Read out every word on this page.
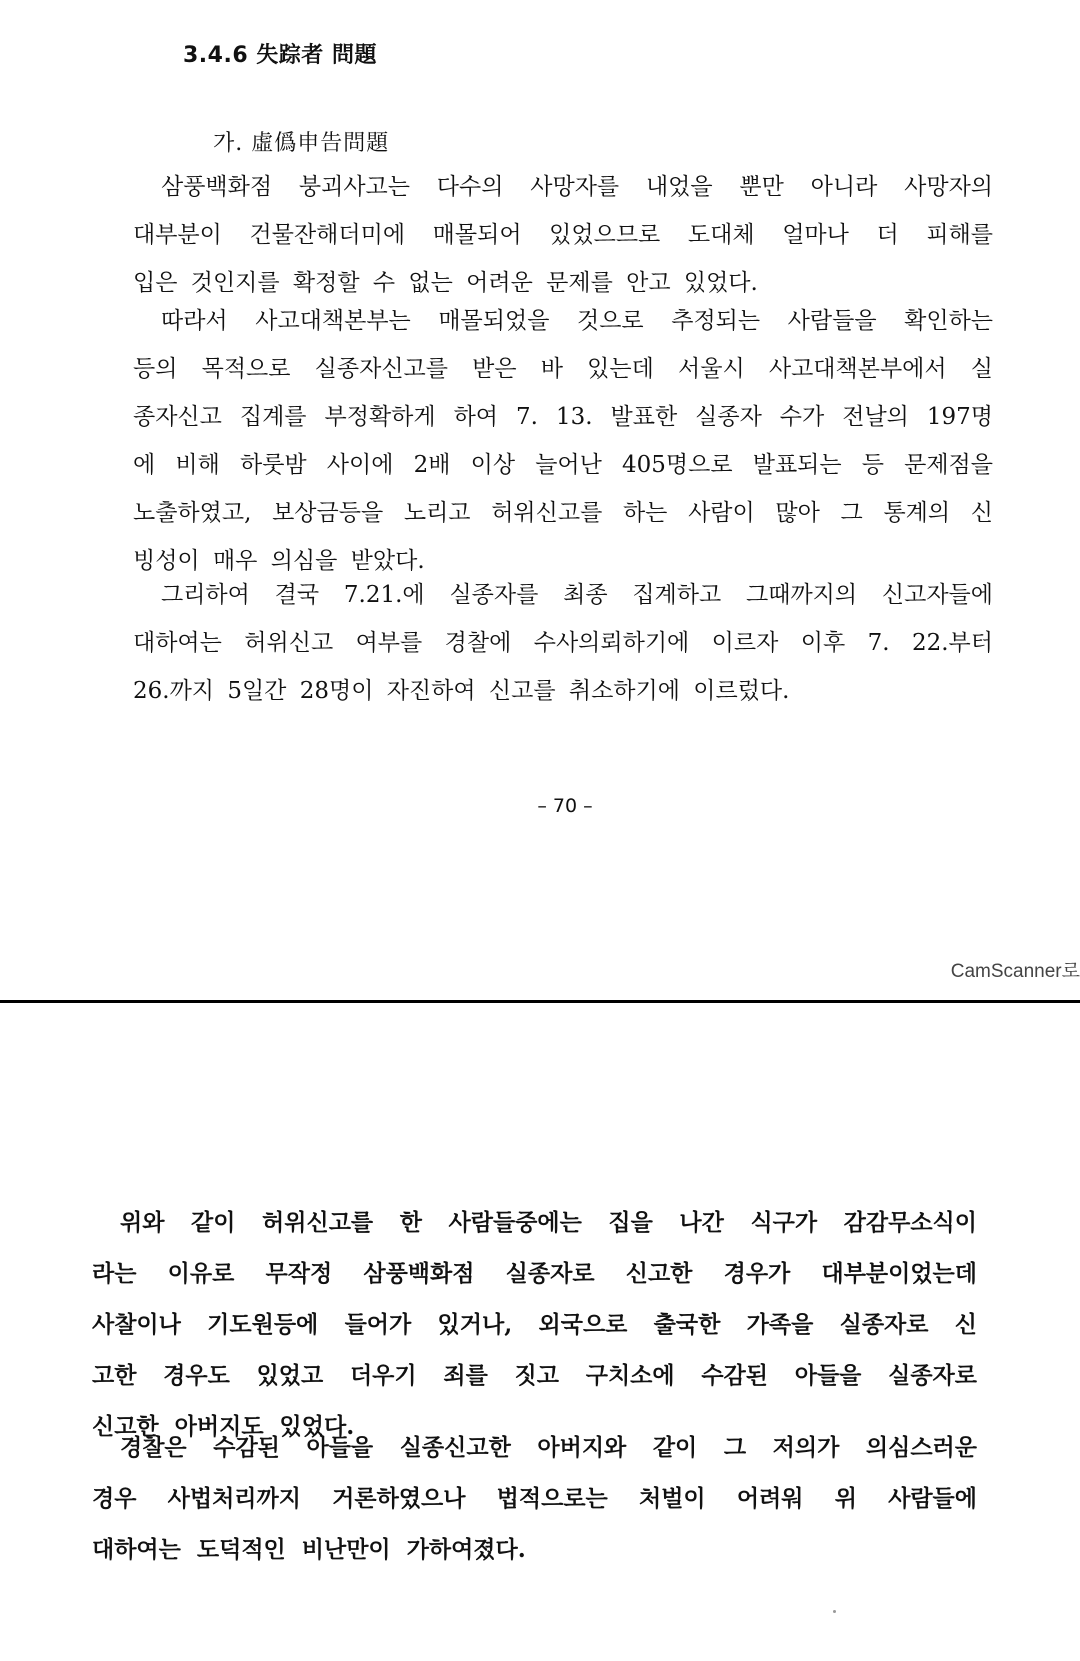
3.4.6 失踪者 問題
가. 虛僞申告問題

삼풍백화점 붕괴사고는 다수의 사망자를 내었을 뿐만 아니라 사망자의
대부분이 건물잔해더미에 매몰되어 있었으므로 도대체 얼마나 더 피해를
입은 것인지를 확정할 수 없는 어려운 문제를 안고 있었다.

따라서 사고대책본부는 매몰되었을 것으로 추정되는 사람들을 확인하는
등의 목적으로 실종자신고를 받은 바 있는데 서울시 사고대책본부에서 실
종자신고 집계를 부정확하게 하여 7. 13. 발표한 실종자 수가 전날의 197명
에 비해 하룻밤 사이에 2배 이상 늘어난 405명으로 발표되는 등 문제점을
노출하였고, 보상금등을 노리고 허위신고를 하는 사람이 많아 그 통계의 신
빙성이 매우 의심을 받았다.

그리하여 결국 7.21.에 실종자를 최종 집계하고 그때까지의 신고자들에
대하여는 허위신고 여부를 경찰에 수사의뢰하기에 이르자 이후 7. 22.부터
26.까지 5일간 28명이 자진하여 신고를 취소하기에 이르렀다.

– 70 –
CamScanner로

위와 같이 허위신고를 한 사람들중에는 집을 나간 식구가 감감무소식이
라는 이유로 무작정 삼풍백화점 실종자로 신고한 경우가 대부분이었는데
사찰이나 기도원등에 들어가 있거나, 외국으로 출국한 가족을 실종자로 신
고한 경우도 있었고 더우기 죄를 짓고 구치소에 수감된 아들을 실종자로
신고한 아버지도 있었다.

경찰은 수감된 아들을 실종신고한 아버지와 같이 그 저의가 의심스러운
경우 사법처리까지 거론하였으나 법적으로는 처벌이 어려워 위 사람들에
대하여는 도덕적인 비난만이 가하여졌다.
